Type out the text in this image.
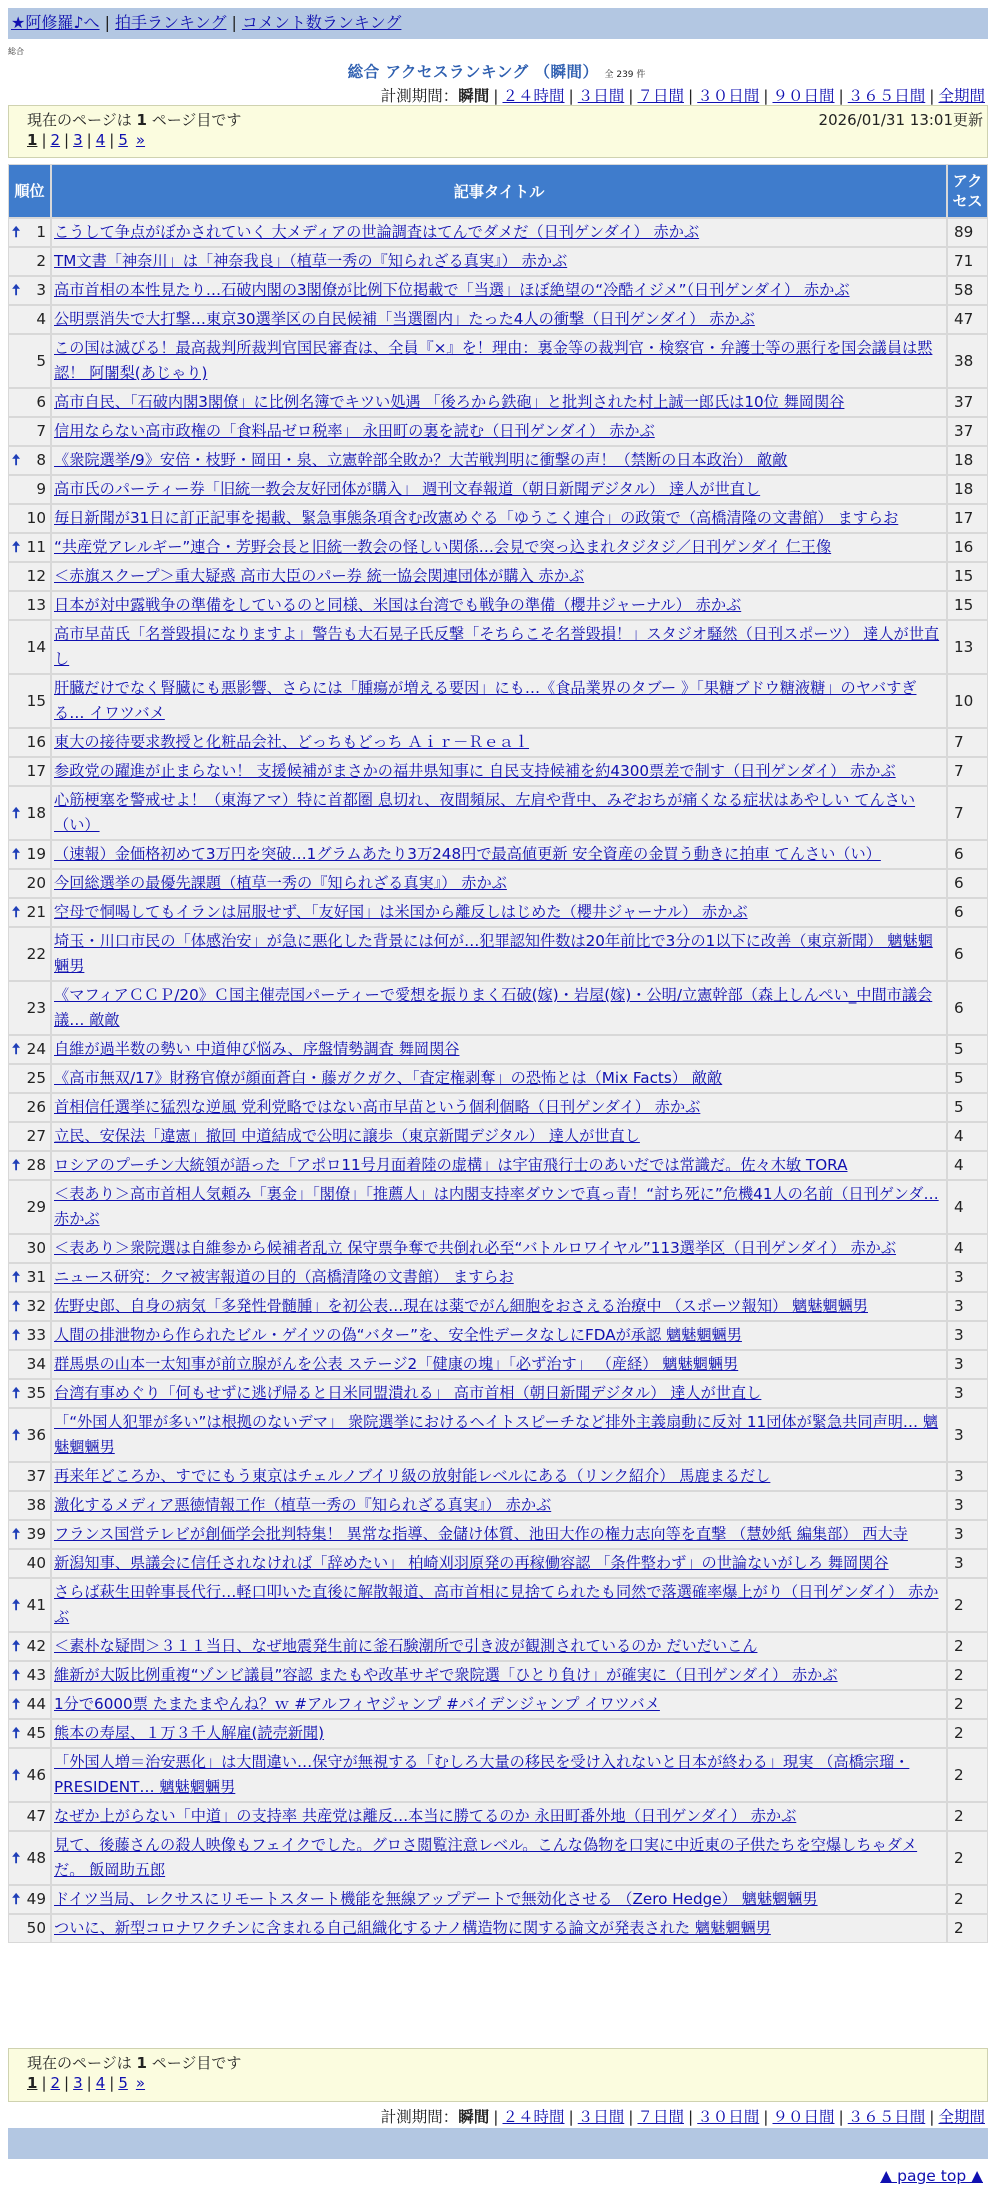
★阿修羅♪へ | 拍手ランキング | コメント数ランキング
総合
総合 アクセスランキング （瞬間） 全 239 件
計測期間：瞬間 | ２４時間 | ３日間 | ７日間 | ３０日間 | ９０日間 | ３６５日間 | 全期間
現在のページは 1 ページ目です	2026/01/31 13:01更新
1 | 2 | 3 | 4 | 5 »
順位	記事タイトル	アクセス

🠅 1	こうして争点がぼかされていく 大メディアの世論調査はてんでダメだ（日刊ゲンダイ） 赤かぶ	89
2	TM文書「神奈川」は「神奈我良」（植草一秀の『知られざる真実』） 赤かぶ	71

🠅 3	高市首相の本性見たり…石破内閣の3閣僚が比例下位掲載で「当選」ほぼ絶望の“冷酷イジメ”（日刊ゲンダイ） 赤かぶ	58
4	公明票消失で大打撃…東京30選挙区の自民候補「当選圏内」たった4人の衝撃（日刊ゲンダイ） 赤かぶ	47
5	この国は滅びる！最高裁判所裁判官国民審査は、全員『×』を！理由：裏金等の裁判官・検察官・弁護士等の悪行を国会議員は黙認！ 阿闍梨(あじゃり)	38
6	高市自民、「石破内閣3閣僚」に比例名簿でキツい処遇 「後ろから鉄砲」と批判された村上誠一郎氏は10位 舞岡関谷	37
7	信用ならない高市政権の「食料品ゼロ税率」 永田町の裏を読む（日刊ゲンダイ） 赤かぶ	37

🠅 8	《衆院選挙/9》安倍・枝野・岡田・泉、立憲幹部全敗か？大苦戦判明に衝撃の声！（禁断の日本政治） 敵敵	18
9	高市氏のパーティー券「旧統一教会友好団体が購入」 週刊文春報道（朝日新聞デジタル） 達人が世直し	18
10	毎日新聞が31日に訂正記事を掲載、緊急事態条項含む改憲めぐる「ゆうこく連合」の政策で（高橋清隆の文書館） ますらお	17

🠅 11	“共産党アレルギー”連合・芳野会長と旧統一教会の怪しい関係…会見で突っ込まれタジタジ／日刊ゲンダイ 仁王像	16
12	＜赤旗スクープ＞重大疑惑 高市大臣のパー券 統一協会関連団体が購入 赤かぶ	15
13	日本が対中露戦争の準備をしているのと同様、米国は台湾でも戦争の準備（櫻井ジャーナル） 赤かぶ	15
14	高市早苗氏「名誉毀損になりますよ」警告も大石晃子氏反撃「そちらこそ名誉毀損！」スタジオ騒然（日刊スポーツ） 達人が世直し	13
15	肝臓だけでなく腎臓にも悪影響、さらには「腫瘍が増える要因」にも…《食品業界のタブー 》「果糖ブドウ糖液糖」のヤバすぎる… イワツバメ	10
16	東大の接待要求教授と化粧品会社、どっちもどっち Ａｉｒ－Ｒｅａｌ	7
17	参政党の躍進が止まらない！ 支援候補がまさかの福井県知事に 自民支持候補を約4300票差で制す（日刊ゲンダイ） 赤かぶ	7

🠅 18	心筋梗塞を警戒せよ！（東海アマ）特に首都圏 息切れ、夜間頻尿、左肩や背中、みぞおちが痛くなる症状はあやしい てんさい（い）	7

🠅 19	（速報）金価格初めて3万円を突破…1グラムあたり3万248円で最高値更新 安全資産の金買う動きに拍車 てんさい（い）	6
20	今回総選挙の最優先課題（植草一秀の『知られざる真実』） 赤かぶ	6

🠅 21	空母で恫喝してもイランは屈服せず、「友好国」は米国から離反しはじめた（櫻井ジャーナル） 赤かぶ	6
22	埼玉・川口市民の「体感治安」が急に悪化した背景には何が…犯罪認知件数は20年前比で3分の1以下に改善（東京新聞） 魑魅魍魎男	6
23	《マフィアＣＣＰ/20》Ｃ国主催売国パーティーで愛想を振りまく石破(嫁)・岩屋(嫁)・公明/立憲幹部（森上しんぺい_中間市議会議… 敵敵	6

🠅 24	自維が過半数の勢い 中道伸び悩み、序盤情勢調査 舞岡関谷	5
25	《高市無双/17》財務官僚が顔面蒼白・藤ガクガク、「査定権剥奪」の恐怖とは（Mix Facts） 敵敵	5
26	首相信任選挙に猛烈な逆風 党利党略ではない高市早苗という個利個略（日刊ゲンダイ） 赤かぶ	5
27	立民、安保法「違憲」撤回 中道結成で公明に譲歩（東京新聞デジタル） 達人が世直し	4

🠅 28	ロシアのプーチン大統領が語った「アポロ11号月面着陸の虚構」は宇宙飛行士のあいだでは常識だ。佐々木敏 TORA	4
29	＜表あり＞高市首相人気頼み「裏金」「閣僚」「推薦人」は内閣支持率ダウンで真っ青！“討ち死に”危機41人の名前（日刊ゲンダ… 赤かぶ	4
30	＜表あり＞衆院選は自維参から候補者乱立 保守票争奪で共倒れ必至“バトルロワイヤル”113選挙区（日刊ゲンダイ） 赤かぶ	4

🠅 31	ニュース研究：クマ被害報道の目的（高橋清隆の文書館） ますらお	3

🠅 32	佐野史郎、自身の病気「多発性骨髄腫」を初公表…現在は薬でがん細胞をおさえる治療中 （スポーツ報知） 魑魅魍魎男	3

🠅 33	人間の排泄物から作られたビル・ゲイツの偽“バター”を、安全性データなしにFDAが承認 魑魅魍魎男	3
34	群馬県の山本一太知事が前立腺がんを公表 ステージ2「健康の塊」「必ず治す」 （産経） 魑魅魍魎男	3

🠅 35	台湾有事めぐり「何もせずに逃げ帰ると日米同盟潰れる」 高市首相（朝日新聞デジタル） 達人が世直し	3

🠅 36	「“外国人犯罪が多い”は根拠のないデマ」 衆院選挙におけるヘイトスピーチなど排外主義扇動に反対 11団体が緊急共同声明… 魑魅魍魎男	3
37	再来年どころか、すでにもう東京はチェルノブイリ級の放射能レベルにある（リンク紹介） 馬鹿まるだし	3
38	激化するメディア悪徳情報工作（植草一秀の『知られざる真実』） 赤かぶ	3

🠅 39	フランス国営テレビが創価学会批判特集！ 異常な指導、金儲け体質、池田大作の権力志向等を直撃 （慧妙紙 編集部） 西大寺	3
40	新潟知事、県議会に信任されなければ「辞めたい」 柏崎刈羽原発の再稼働容認 「条件整わず」の世論ないがしろ 舞岡関谷	3

🠅 41	さらば萩生田幹事長代行…軽口叩いた直後に解散報道、高市首相に見捨てられたも同然で落選確率爆上がり（日刊ゲンダイ） 赤かぶ	2

🠅 42	＜素朴な疑問＞３１１当日、なぜ地震発生前に釜石験潮所で引き波が観測されているのか だいだいこん	2

🠅 43	維新が大阪比例重複“ゾンビ議員”容認 またもや改革サギで衆院選「ひとり負け」が確実に（日刊ゲンダイ） 赤かぶ	2

🠅 44	1分で6000票 たまたまやんね？ｗ #アルフィヤジャンプ #バイデンジャンプ イワツバメ	2

🠅 45	熊本の寿屋、１万３千人解雇(読売新聞)	2

🠅 46	「外国人増＝治安悪化」は大間違い…保守が無視する「むしろ大量の移民を受け入れないと日本が終わる」現実 （高橋宗瑠・PRESIDENT… 魑魅魍魎男	2
47	なぜか上がらない「中道」の支持率 共産党は離反…本当に勝てるのか 永田町番外地（日刊ゲンダイ） 赤かぶ	2

🠅 48	見て、後藤さんの殺人映像もフェイクでした。グロさ閲覧注意レベル。こんな偽物を口実に中近東の子供たちを空爆しちゃダメだ。 飯岡助五郎	2

🠅 49	ドイツ当局、レクサスにリモートスタート機能を無線アップデートで無効化させる （Zero Hedge） 魑魅魍魎男	2
50	ついに、新型コロナワクチンに含まれる自己組織化するナノ構造物に関する論文が発表された 魑魅魍魎男	2
現在のページは 1 ページ目です
1 | 2 | 3 | 4 | 5 »
計測期間：瞬間 | ２４時間 | ３日間 | ７日間 | ３０日間 | ９０日間 | ３６５日間 | 全期間
▲ page top ▲
